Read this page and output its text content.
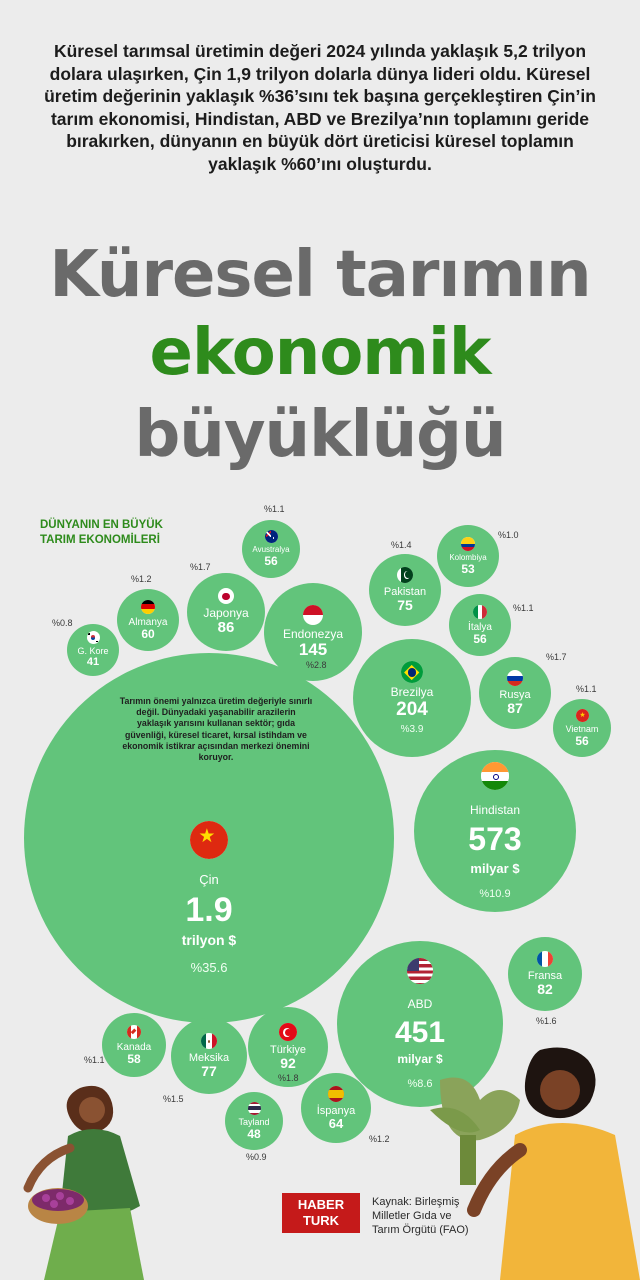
Küresel tarımsal üretimin değeri 2024 yılında yaklaşık 5,2 trilyon dolara ulaşırken, Çin 1,9 trilyon dolarla dünya lideri oldu. Küresel üretim değerinin yaklaşık %36’sını tek başına gerçekleştiren Çin’in tarım ekonomisi, Hindistan, ABD ve Brezilya’nın toplamını geride bırakırken, dünyanın en büyük dört üreticisi küresel toplamın yaklaşık %60’ını oluşturdu.
Küresel tarımın
ekonomik
büyüklüğü
DÜNYANIN EN BÜYÜK
TARIM EKONOMİLERİ
★
Çin
1.9
trilyon $
%35.6
Hindistan
573
milyar $
%10.9
ABD
451
milyar $
%8.6
Brezilya
204
%3.9
Endonezya
145
%2.8
Türkiye
92
%1.8
Rusya
87
%1.7
Japonya
86
%1.7
Fransa
82
%1.6
Meksika
77
%1.5
Pakistan
75
%1.4
İspanya
64
%1.2
Almanya
60
%1.2
Kanada
58
%1.1
Avustralya
56
%1.1
İtalya
56
%1.1
★
Vietnam
56
%1.1
Kolombiya
53
%1.0
Tayland
48
%0.9
G. Kore
41
%0.8
Tarımın önemi yalnızca üretim değeriyle sınırlı değil. Dünyadaki yaşanabilir arazilerin yaklaşık yarısını kullanan sektör; gıda güvenliği, küresel ticaret, kırsal istihdam ve ekonomik istikrar açısından merkezi önemini koruyor.
HABER
TURK
Kaynak: Birleşmiş
Milletler Gıda ve
Tarım Örgütü (FAO)
